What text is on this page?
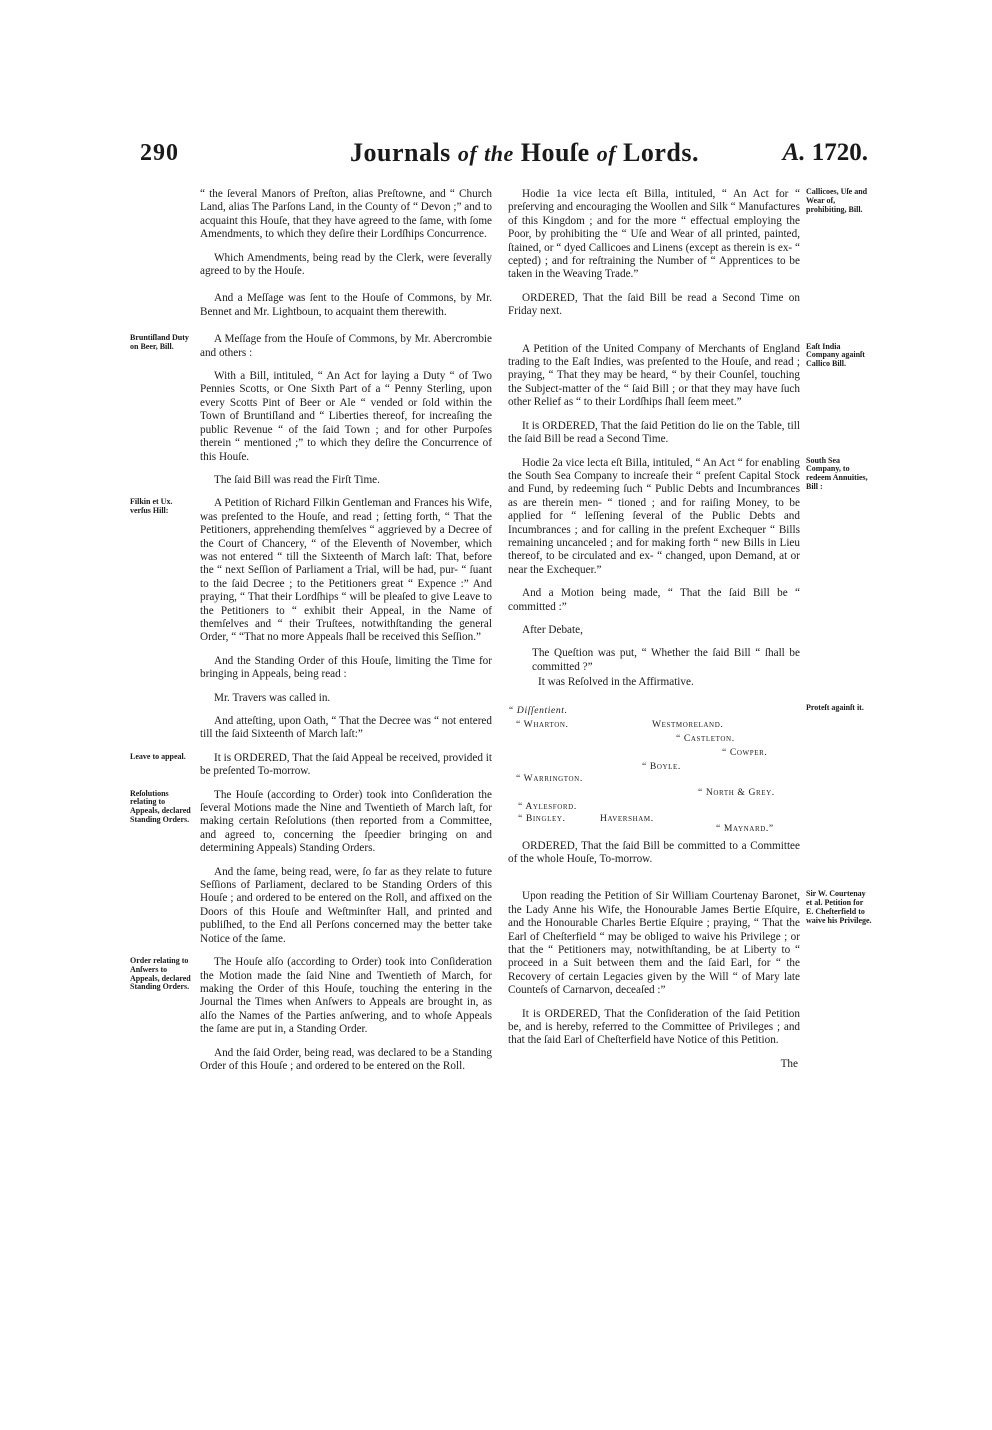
290	Journals of the Houſe of Lords.	A. 1720.

“ the ſeveral Manors of Preſton, alias Preſtowne, and “ Church Land, alias The Parſons Land, in the County of “ Devon ;” and to acquaint this Houſe, that they have agreed to the ſame, with ſome Amendments, to which they deſire their Lordſhips Concurrence.

Which Amendments, being read by the Clerk, were ſeverally agreed to by the Houſe.

And a Meſſage was ſent to the Houſe of Commons, by Mr. Bennet and Mr. Lightboun, to acquaint them therewith.

Bruntiſland Duty on Beer, Bill.

A Meſſage from the Houſe of Commons, by Mr. Abercrombie and others :

With a Bill, intituled, “ An Act for laying a Duty “ of Two Pennies Scotts, or One Sixth Part of a “ Penny Sterling, upon every Scotts Pint of Beer or Ale “ vended or ſold within the Town of Bruntiſland and “ Liberties thereof, for increaſing the public Revenue “ of the ſaid Town ; and for other Purpoſes therein “ mentioned ;” to which they deſire the Concurrence of this Houſe.

The ſaid Bill was read the Firſt Time.

Filkin et Ux. verſus Hill:

A Petition of Richard Filkin Gentleman and Frances his Wife, was preſented to the Houſe, and read ; ſetting forth, “ That the Petitioners, apprehending themſelves “ aggrieved by a Decree of the Court of Chancery, “ of the Eleventh of November, which was not entered “ till the Sixteenth of March laſt: That, before the “ next Seſſion of Parliament a Trial, will be had, pur- “ ſuant to the ſaid Decree ; to the Petitioners great “ Expence :” And praying, “ That their Lordſhips “ will be pleaſed to give Leave to the Petitioners to “ exhibit their Appeal, in the Name of themſelves and “ their Truſtees, notwithſtanding the general Order, “ “That no more Appeals ſhall be received this Seſſion.”

And the Standing Order of this Houſe, limiting the Time for bringing in Appeals, being read :

Mr. Travers was called in.

And atteſting, upon Oath, “ That the Decree was “ not entered till the ſaid Sixteenth of March laſt:”

Leave to appeal.	It is ORDERED, That the ſaid Appeal be received, provided it be preſented To-morrow.

Reſolutions relating to Appeals, declared Standing Orders.

The Houſe (according to Order) took into Conſideration the ſeveral Motions made the Nine and Twentieth of March laſt, for making certain Reſolutions (then reported from a Committee, and agreed to, concerning the ſpeedier bringing on and determining Appeals) Standing Orders.

And the ſame, being read, were, ſo far as they relate to future Seſſions of Parliament, declared to be Standing Orders of this Houſe ; and ordered to be entered on the Roll, and affixed on the Doors of this Houſe and Weſtminſter Hall, and printed and publiſhed, to the End all Perſons concerned may the better take Notice of the ſame.

Order relating to Anſwers to Appeals, declared Standing Orders.

The Houſe alſo (according to Order) took into Conſideration the Motion made the ſaid Nine and Twentieth of March, for making the Order of this Houſe, touching the entering in the Journal the Times when Anſwers to Appeals are brought in, as alſo the Names of the Parties anſwering, and to whoſe Appeals the ſame are put in, a Standing Order.

And the ſaid Order, being read, was declared to be a Standing Order of this Houſe ; and ordered to be entered on the Roll.

Callicoes, Uſe and Wear of, prohibiting, Bill.

Hodie 1a vice lecta eſt Billa, intituled, “ An Act for “ preſerving and encouraging the Woollen and Silk “ Manufactures of this Kingdom ; and for the more “ effectual employing the Poor, by prohibiting the “ Uſe and Wear of all printed, painted, ſtained, or “ dyed Callicoes and Linens (except as therein is ex- “ cepted) ; and for reſtraining the Number of “ Apprentices to be taken in the Weaving Trade.”

ORDERED, That the ſaid Bill be read a Second Time on Friday next.

Eaſt India Company againſt Callico Bill.

A Petition of the United Company of Merchants of England trading to the Eaſt Indies, was preſented to the Houſe, and read ; praying, “ That they may be heard, “ by their Counſel, touching the Subject-matter of the “ ſaid Bill ; or that they may have ſuch other Relief as “ to their Lordſhips ſhall ſeem meet.”

It is ORDERED, That the ſaid Petition do lie on the Table, till the ſaid Bill be read a Second Time.

South Sea Company, to redeem Annuities, Bill :

Hodie 2a vice lecta eſt Billa, intituled, “ An Act “ for enabling the South Sea Company to increaſe their “ preſent Capital Stock and Fund, by redeeming ſuch “ Public Debts and Incumbrances as are therein men- “ tioned ; and for raiſing Money, to be applied for “ leſſening ſeveral of the Public Debts and Incumbrances ; and for calling in the preſent Exchequer “ Bills remaining uncanceled ; and for making forth “ new Bills in Lieu thereof, to be circulated and ex- “ changed, upon Demand, at or near the Exchequer.”

And a Motion being made, “ That the ſaid Bill be “ committed :”

After Debate,

The Queſtion was put, “ Whether the ſaid Bill “ ſhall be committed ?”

It was Reſolved in the Affirmative.

Proteſt againſt it.
“ Diſſentient.
“ Wharton.	Weſtmoreland.
“ Caſtleton.
“ Cowper.
“ Boyle.
“ Warrington.
“ North & Grey.
“ Aylesford.
“ Bingley.	Haverſham.
“ Maynard.”

ORDERED, That the ſaid Bill be committed to a Committee of the whole Houſe, To-morrow.

Sir W. Courtenay et al. Petition for E. Cheſterfield to waive his Privilege.

Upon reading the Petition of Sir William Courtenay Baronet, the Lady Anne his Wife, the Honourable James Bertie Eſquire, and the Honourable Charles Bertie Eſquire ; praying, “ That the Earl of Cheſterfield “ may be obliged to waive his Privilege ; or that the “ Petitioners may, notwithſtanding, be at Liberty to “ proceed in a Suit between them and the ſaid Earl, for “ the Recovery of certain Legacies given by the Will “ of Mary late Counteſs of Carnarvon, deceaſed :”

It is ORDERED, That the Conſideration of the ſaid Petition be, and is hereby, referred to the Committee of Privileges ; and that the ſaid Earl of Cheſterfield have Notice of this Petition.

The
